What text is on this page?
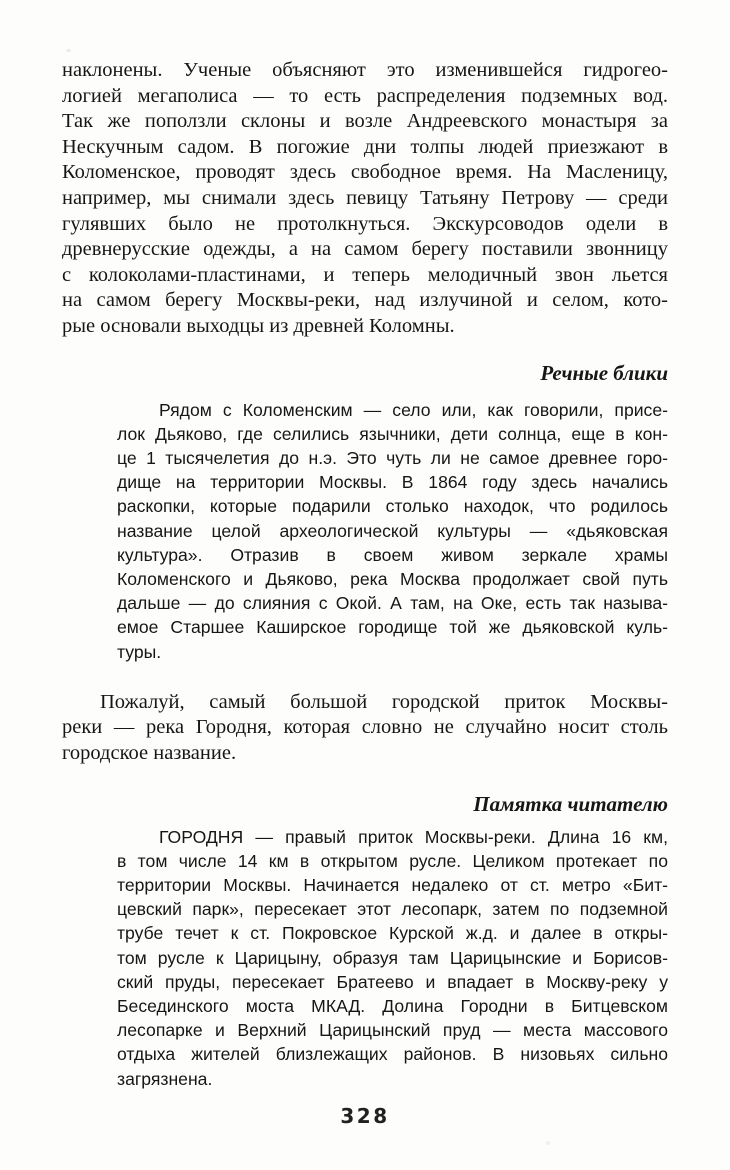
наклонены. Ученые объясняют это изменившейся гидрогео-
логией мегаполиса — то есть распределения подземных вод.
Так же поползли склоны и возле Андреевского монастыря за
Нескучным садом. В погожие дни толпы людей приезжают в
Коломенское, проводят здесь свободное время. На Масленицу,
например, мы снимали здесь певицу Татьяну Петрову — среди
гулявших было не протолкнуться. Экскурсоводов одели в
древнерусские одежды, а на самом берегу поставили звонницу
с колоколами-пластинами, и теперь мелодичный звон льется
на самом берегу Москвы-реки, над излучиной и селом, кото-
рые основали выходцы из древней Коломны.
Речные блики
Рядом с Коломенским — село или, как говорили, присе-
лок Дьяково, где селились язычники, дети солнца, еще в кон-
це 1 тысячелетия до н.э. Это чуть ли не самое древнее горо-
дище на территории Москвы. В 1864 году здесь начались
раскопки, которые подарили столько находок, что родилось
название целой археологической культуры — «дьяковская
культура». Отразив в своем живом зеркале храмы
Коломенского и Дьяково, река Москва продолжает свой путь
дальше — до слияния с Окой. А там, на Оке, есть так называ-
емое Старшее Каширское городище той же дьяковской куль-
туры.
Пожалуй, самый большой городской приток Москвы-
реки — река Городня, которая словно не случайно носит столь
городское название.
Памятка читателю
ГОРОДНЯ — правый приток Москвы-реки. Длина 16 км,
в том числе 14 км в открытом русле. Целиком протекает по
территории Москвы. Начинается недалеко от ст. метро «Бит-
цевский парк», пересекает этот лесопарк, затем по подземной
трубе течет к ст. Покровское Курской ж.д. и далее в откры-
том русле к Царицыну, образуя там Царицынские и Борисов-
ский пруды, пересекает Братеево и впадает в Москву-реку у
Бесединского моста МКАД. Долина Городни в Битцевском
лесопарке и Верхний Царицынский пруд — места массового
отдыха жителей близлежащих районов. В низовьях сильно
загрязнена.
328
